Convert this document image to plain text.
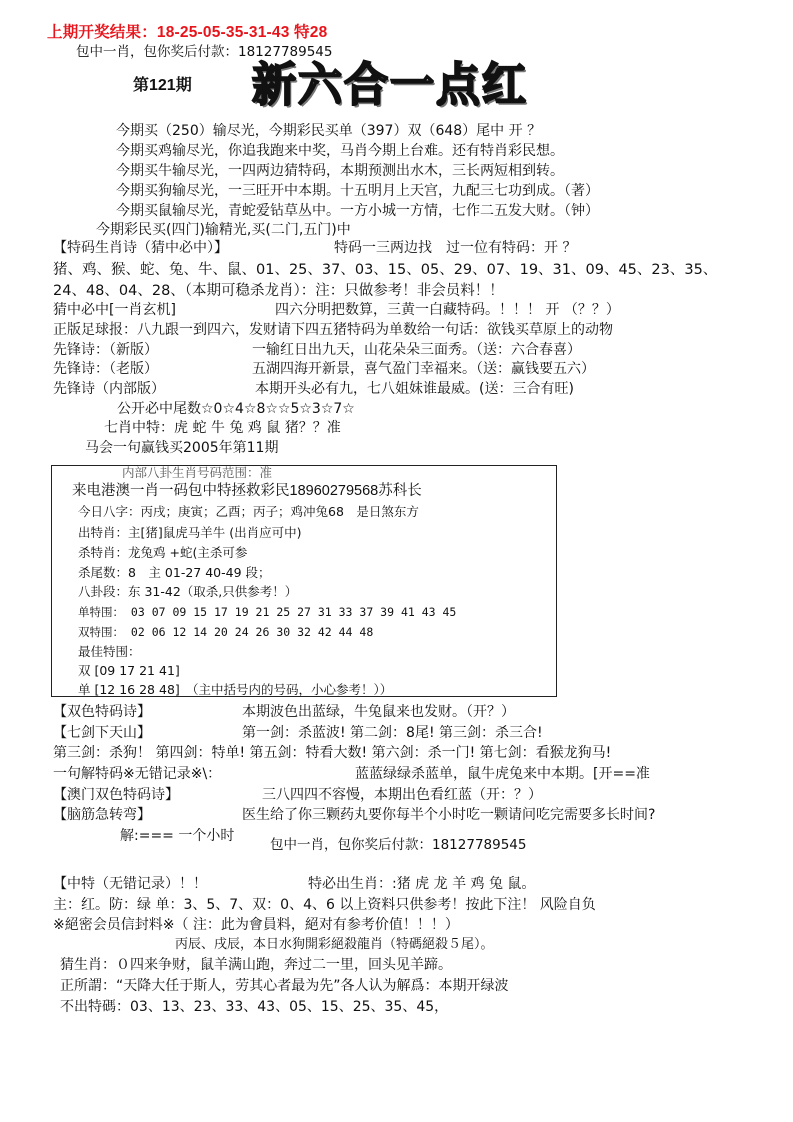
上期开奖结果：18-25-05-35-31-43 特28
包中一肖，包你奖后付款：18127789545
第121期 新六合一点红
今期买（250）输尽光，今期彩民买单（397）双（648）尾中 开 ？
今期买鸡输尽光，你追我跑来中奖，马肖今期上台难。还有特肖彩民想。
今期买牛输尽光，一四两边猜特码，本期预测出水木，三长两短相到转。
今期买狗输尽光，一三旺开中本期。十五明月上天宫，九配三七功到成。（著）
今期买鼠输尽光，青蛇爱钻草丛中。一方小城一方情，七作二五发大财。（钟）
今期彩民买(四门)输精光,买(二门,五门)中
【特码生肖诗（猜中必中）】	特码一三两边找　过一位有特码：开 ？
猪、鸡、猴、蛇、兔、牛、鼠、01、25、37、03、15、05、29、07、19、31、09、45、23、35、
24、48、04、28、（本期可稳杀龙肖）：注：只做参考！非会员料！！
猜中必中[一肖玄机]	四六分明把数算，三黄一白藏特码。！！！ 开 （？？）
正版足球报：八九跟一到四六，发财请下四五猪特码为单数给一句话：欲钱买草原上的动物
先锋诗：（新版）	一输红日出九天，山花朵朵三面秀。（送：六合春喜）
先锋诗：（老版）	五湖四海开新景，喜气盈门幸福来。（送：赢钱要五六）
先锋诗（内部版）	本期开头必有九，七八姐妹谁最威。(送：三合有旺)
公开必中尾数☆0☆4☆8☆☆5☆3☆7☆
七肖中特：虎 蛇 牛 兔 鸡 鼠 猪？？准
马会一句赢钱买2005年第11期
内部八卦生肖号码范围：准
来电港澳一肖一码包中特拯救彩民18960279568苏科长
今日八字：丙戌；庚寅；乙酉；丙子；鸡冲兔68　是日煞东方
出特肖：主[猪]鼠虎马羊牛 (出肖应可中)
杀特肖：龙兔鸡 +蛇(主杀可参
杀尾数：8　主 01-27 40-49 段；
八卦段：东 31-42（取杀,只供参考！）
单特围： 03 07 09 15 17 19 21 25 27 31 33 37 39 41 43 45
双特围： 02 06 12 14 20 24 26 30 32 42 44 48
最佳特围：
双 [09 17 21 41]
单 [12 16 28 48]　（主中括号内的号码，小心参考！））
【双色特码诗】	本期波色出蓝绿，牛兔鼠来也发财。（开？）
【七剑下天山】	第一剑：杀蓝波! 第二剑：8尾! 第三剑：杀三合!
第三剑：杀狗！ 第四剑：特单! 第五剑：特看大数! 第六剑：杀一门! 第七剑：看猴龙狗马!
一句解特码※无错记录※\：	蓝蓝绿绿杀蓝单，鼠牛虎兔来中本期。[开==准
【澳门双色特码诗】	三八四四不容慢，本期出色看红蓝（开：？）
【脑筋急转弯】	医生给了你三颗药丸要你每半个小时吃一颗请问吃完需要多长时间?
解:=== 一个小时
包中一肖，包你奖后付款：18127789545
【中特（无错记录）！！	特必出生肖：:猪 虎 龙 羊 鸡 兔 鼠。
主：红。防：绿 单：3、5、7、双：0、4、6 以上资料只供参考！按此下注！ 风险自负
※絕密会员信封料※（ 注：此为會員料，絕对有参考价值！！！）
丙辰、戌辰，本日水狗開彩絕殺龍肖（特碼絕殺５尾）。
猜生肖：０四来争财，鼠羊满山跑，奔过二一里，回头见羊蹄。
正所謂：“天降大任于斯人，劳其心者最为先”各人认为解爲：本期开绿波
不出特碼：03、13、23、33、43、05、15、25、35、45，
